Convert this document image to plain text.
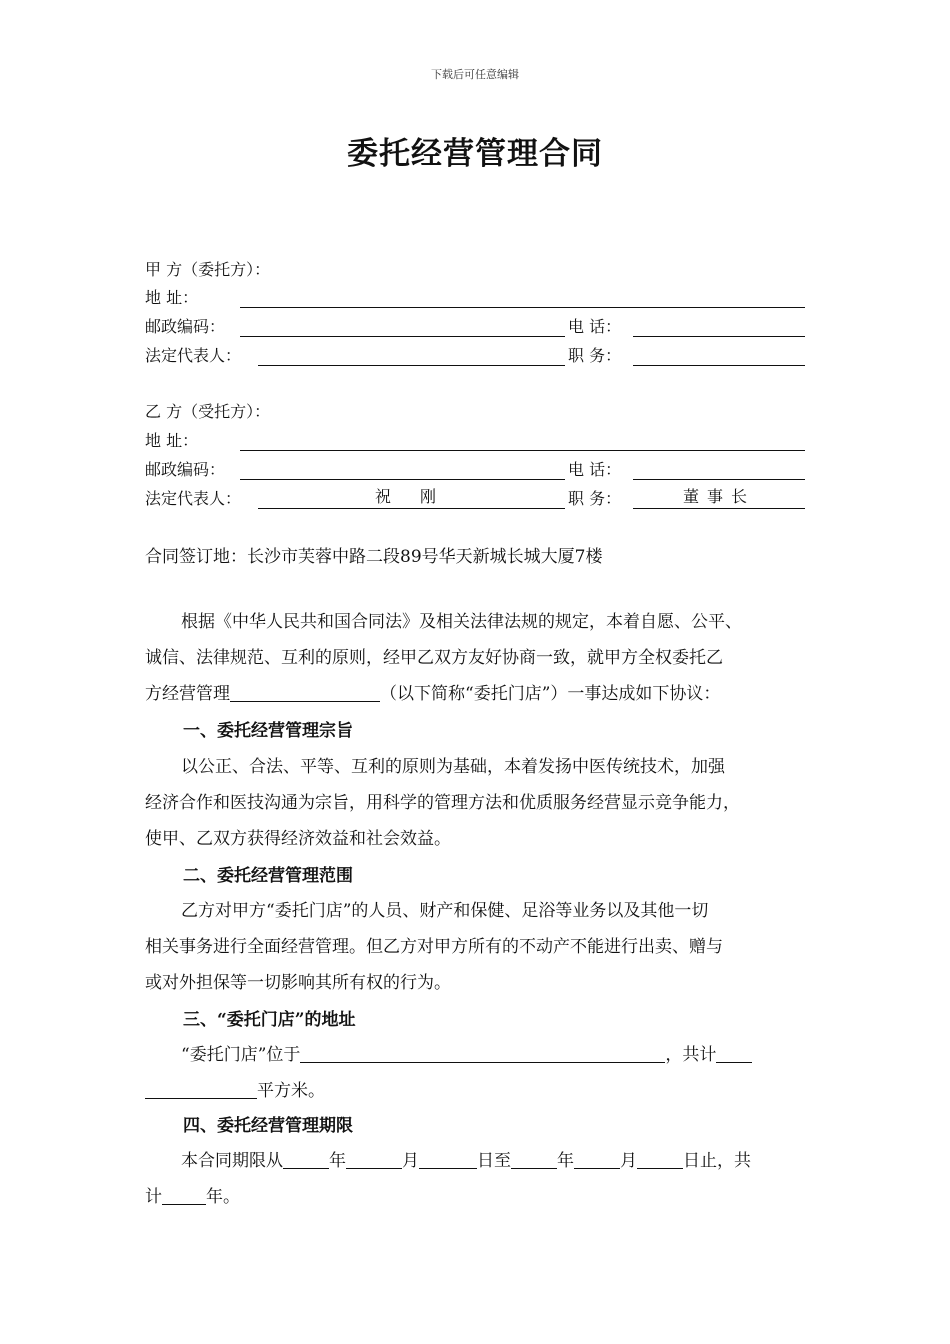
下载后可任意编辑
委托经营管理合同
甲 方（委托方）：
地 址：
邮政编码：	电 话：
法定代表人：	职 务：
乙 方（受托方）：
地 址：
邮政编码：	电 话：
法定代表人：	祝 刚	职 务：	董事长
合同签订地：长沙市芙蓉中路二段89号华天新城长城大厦7楼
根据《中华人民共和国合同法》及相关法律法规的规定，本着自愿、公平、
诚信、法律规范、互利的原则，经甲乙双方友好协商一致，就甲方全权委托乙
方经营管理	（以下简称“委托门店”）一事达成如下协议：
一、委托经营管理宗旨
以公正、合法、平等、互利的原则为基础，本着发扬中医传统技术，加强
经济合作和医技沟通为宗旨，用科学的管理方法和优质服务经营显示竞争能力，
使甲、乙双方获得经济效益和社会效益。
二、委托经营管理范围
乙方对甲方“委托门店”的人员、财产和保健、足浴等业务以及其他一切
相关事务进行全面经营管理。但乙方对甲方所有的不动产不能进行出卖、赠与
或对外担保等一切影响其所有权的行为。
三、“委托门店”的地址
“委托门店”位于	，共计
平方米。
四、委托经营管理期限
本合同期限从	年	月	日至	年	月	日止，共
计	年。
